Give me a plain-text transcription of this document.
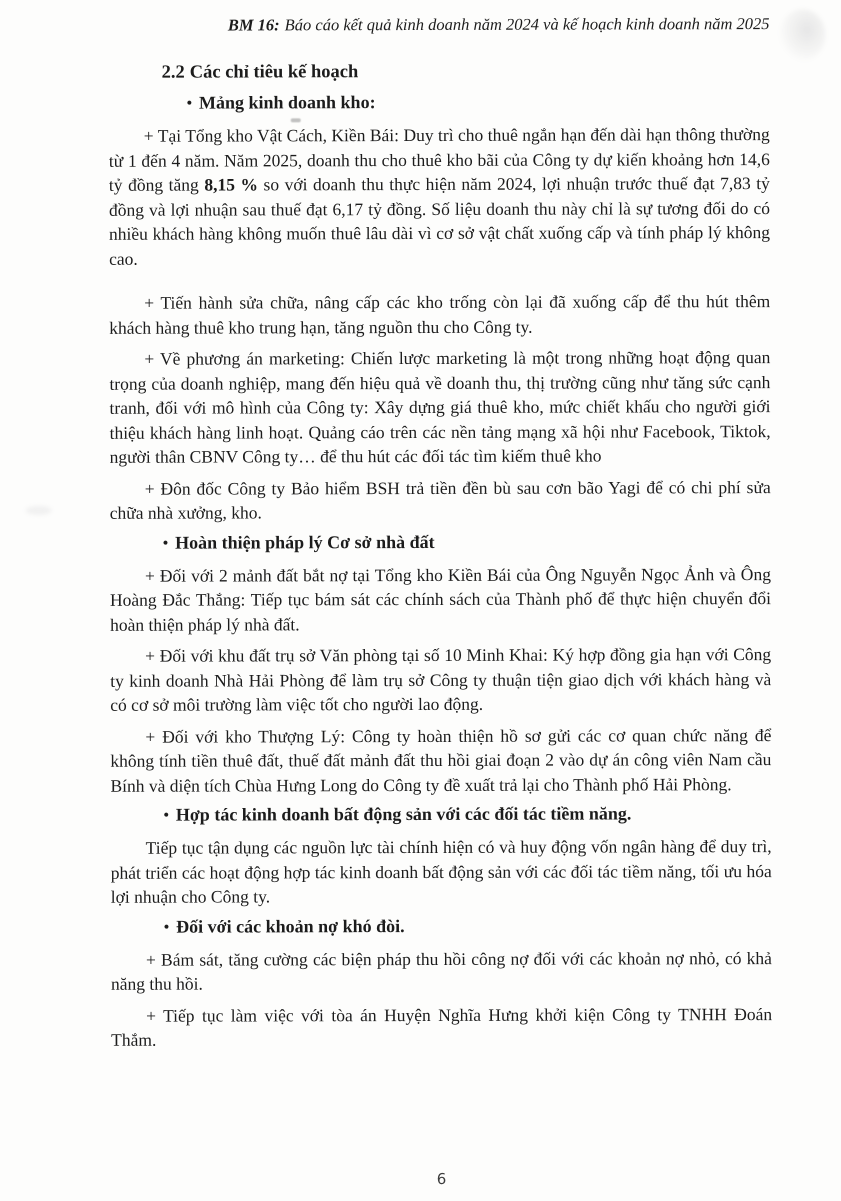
BM 16: Báo cáo kết quả kinh doanh năm 2024 và kế hoạch kinh doanh năm 2025
2.2 Các chỉ tiêu kế hoạch
• Mảng kinh doanh kho:

+ Tại Tổng kho Vật Cách, Kiền Bái: Duy trì cho thuê ngắn hạn đến dài hạn thông thường từ 1 đến 4 năm. Năm 2025, doanh thu cho thuê kho bãi của Công ty dự kiến khoảng hơn 14,6 tỷ đồng tăng 8,15 % so với doanh thu thực hiện năm 2024, lợi nhuận trước thuế đạt 7,83 tỷ đồng và lợi nhuận sau thuế đạt 6,17 tỷ đồng. Số liệu doanh thu này chỉ là sự tương đối do có nhiều khách hàng không muốn thuê lâu dài vì cơ sở vật chất xuống cấp và tính pháp lý không cao.

+ Tiến hành sửa chữa, nâng cấp các kho trống còn lại đã xuống cấp để thu hút thêm khách hàng thuê kho trung hạn, tăng nguồn thu cho Công ty.

+ Về phương án marketing: Chiến lược marketing là một trong những hoạt động quan trọng của doanh nghiệp, mang đến hiệu quả về doanh thu, thị trường cũng như tăng sức cạnh tranh, đối với mô hình của Công ty: Xây dựng giá thuê kho, mức chiết khấu cho người giới thiệu khách hàng linh hoạt. Quảng cáo trên các nền tảng mạng xã hội như Facebook, Tiktok, người thân CBNV Công ty… để thu hút các đối tác tìm kiếm thuê kho

+ Đôn đốc Công ty Bảo hiểm BSH trả tiền đền bù sau cơn bão Yagi để có chi phí sửa chữa nhà xưởng, kho.

• Hoàn thiện pháp lý Cơ sở nhà đất

+ Đối với 2 mảnh đất bắt nợ tại Tổng kho Kiền Bái của Ông Nguyễn Ngọc Ảnh và Ông Hoàng Đắc Thắng: Tiếp tục bám sát các chính sách của Thành phố để thực hiện chuyển đổi hoàn thiện pháp lý nhà đất.

+ Đối với khu đất trụ sở Văn phòng tại số 10 Minh Khai: Ký hợp đồng gia hạn với Công ty kinh doanh Nhà Hải Phòng để làm trụ sở Công ty thuận tiện giao dịch với khách hàng và có cơ sở môi trường làm việc tốt cho người lao động.

+ Đối với kho Thượng Lý: Công ty hoàn thiện hồ sơ gửi các cơ quan chức năng để không tính tiền thuê đất, thuế đất mảnh đất thu hồi giai đoạn 2 vào dự án công viên Nam cầu Bính và diện tích Chùa Hưng Long do Công ty đề xuất trả lại cho Thành phố Hải Phòng.

• Hợp tác kinh doanh bất động sản với các đối tác tiềm năng.

Tiếp tục tận dụng các nguồn lực tài chính hiện có và huy động vốn ngân hàng để duy trì, phát triển các hoạt động hợp tác kinh doanh bất động sản với các đối tác tiềm năng, tối ưu hóa lợi nhuận cho Công ty.

• Đối với các khoản nợ khó đòi.

+ Bám sát, tăng cường các biện pháp thu hồi công nợ đối với các khoản nợ nhỏ, có khả năng thu hồi.

+ Tiếp tục làm việc với tòa án Huyện Nghĩa Hưng khởi kiện Công ty TNHH Đoán Thắm.

6
